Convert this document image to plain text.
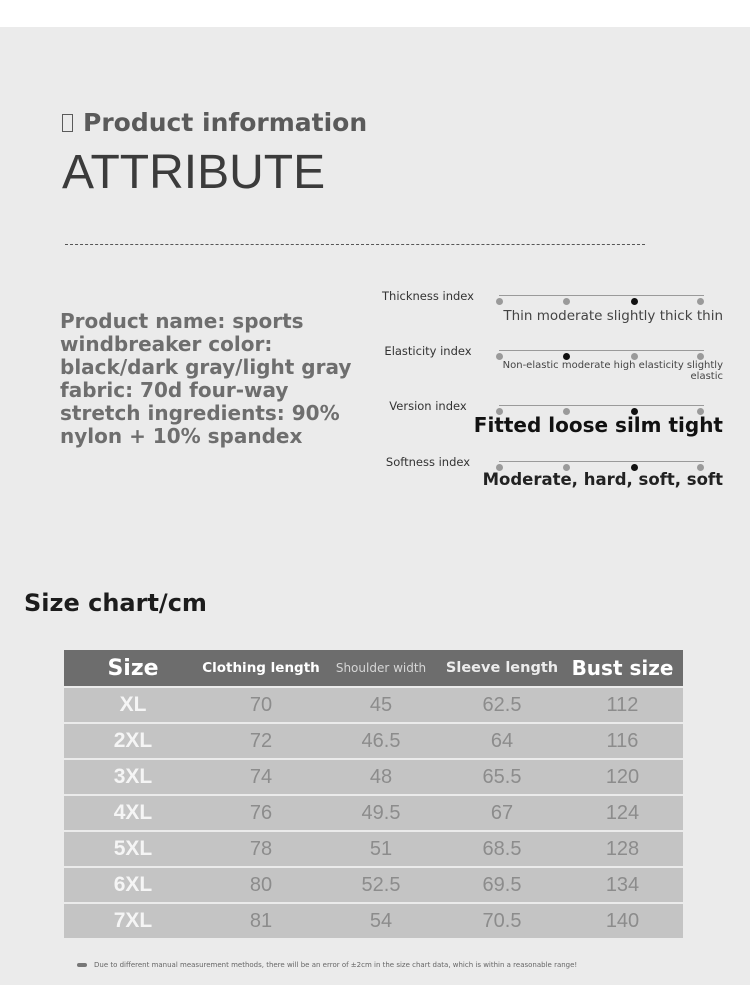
Product information
ATTRIBUTE
Product name: sports windbreaker color: black/dark gray/light gray fabric: 70d four-way stretch ingredients: 90% nylon + 10% spandex
Thickness index
Thin moderate slightly thick thin
Elasticity index
Non-elastic moderate high elasticity slightly elastic
Version index
Fitted loose silm tight
Softness index
Moderate, hard, soft, soft
Size chart/cm
Size	Clothing length	Shoulder width	Sleeve length	Bust size
XL	70	45	62.5	112
2XL	72	46.5	64	116
3XL	74	48	65.5	120
4XL	76	49.5	67	124
5XL	78	51	68.5	128
6XL	80	52.5	69.5	134
7XL	81	54	70.5	140
Due to different manual measurement methods, there will be an error of ±2cm in the size chart data, which is within a reasonable range!
